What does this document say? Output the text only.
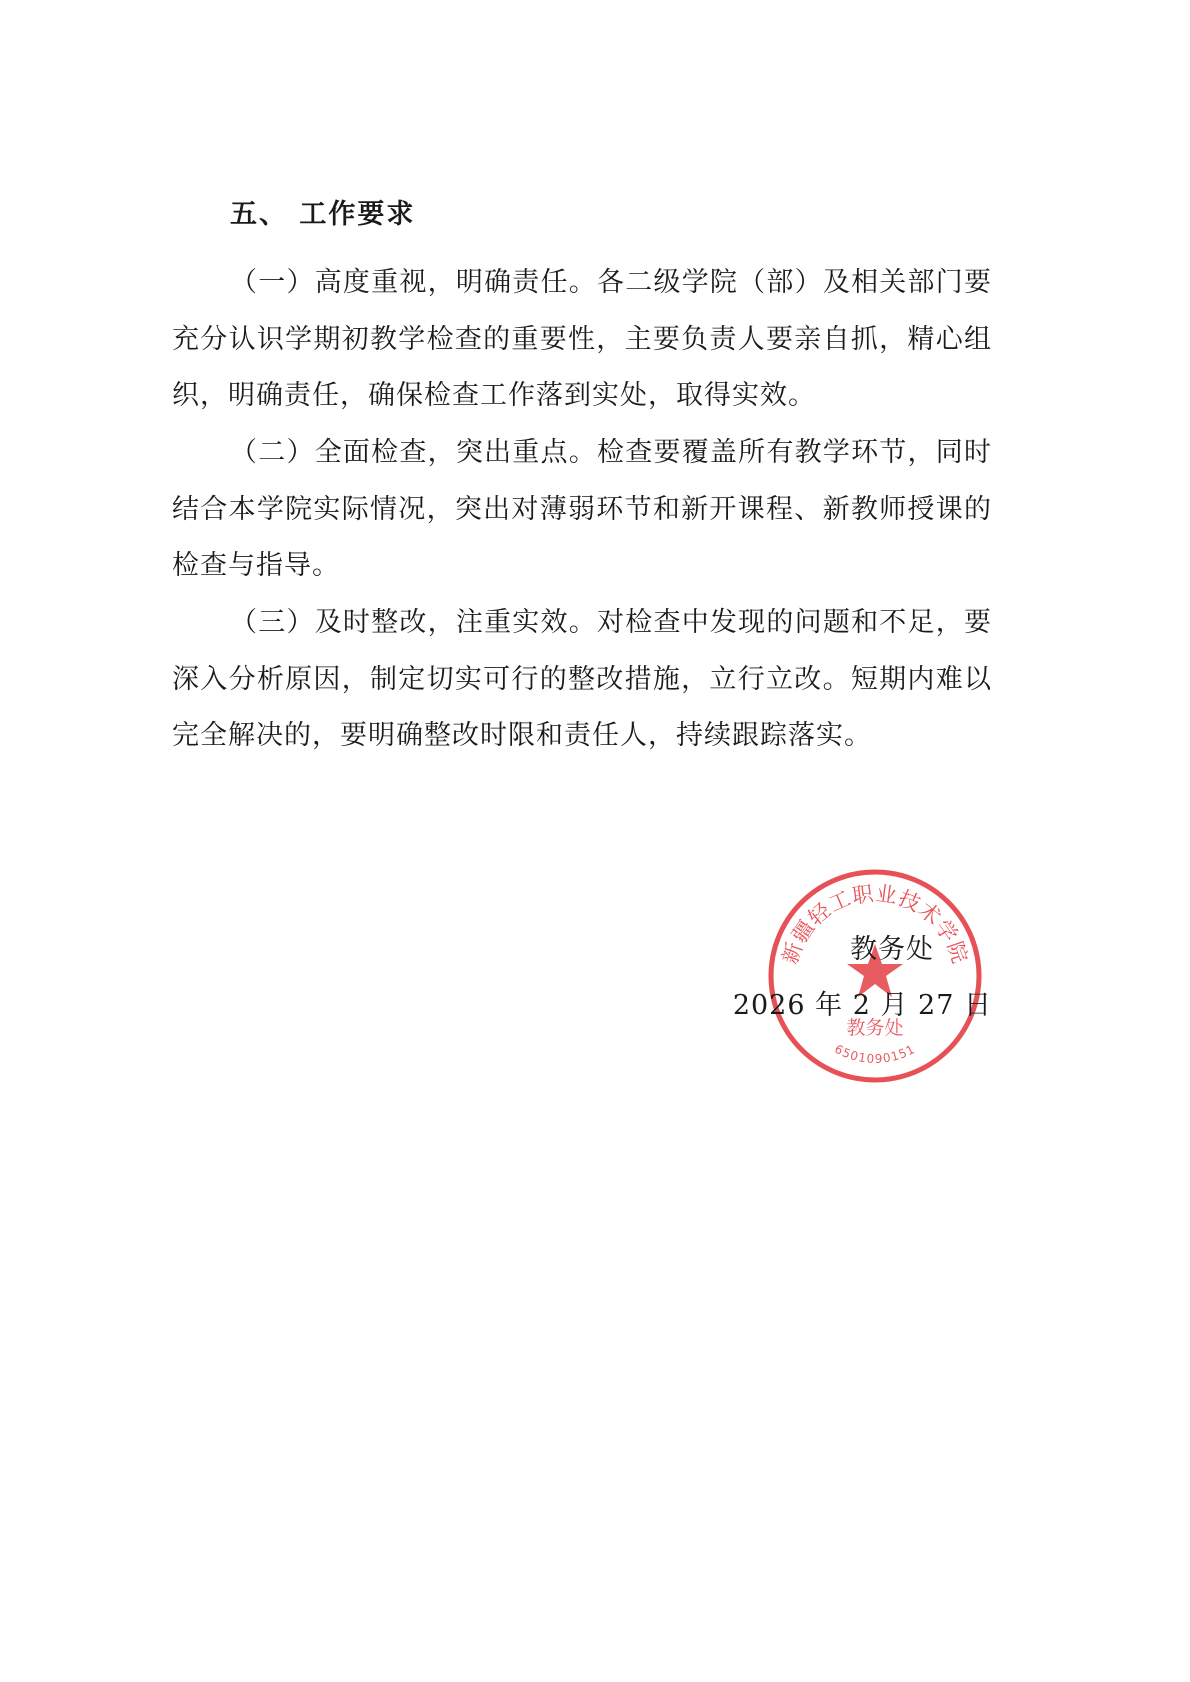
五、 工作要求

（一）高度重视，明确责任。各二级学院（部）及相关部门要充分认识学期初教学检查的重要性，主要负责人要亲自抓，精心组织，明确责任，确保检查工作落到实处，取得实效。

（二）全面检查，突出重点。检查要覆盖所有教学环节，同时结合本学院实际情况，突出对薄弱环节和新开课程、新教师授课的检查与指导。

（三）及时整改，注重实效。对检查中发现的问题和不足，要深入分析原因，制定切实可行的整改措施，立行立改。短期内难以完全解决的，要明确整改时限和责任人，持续跟踪落实。

新疆轻工职业技术学院
教务处
6501090151
教务处
2026 年 2 月 27 日
